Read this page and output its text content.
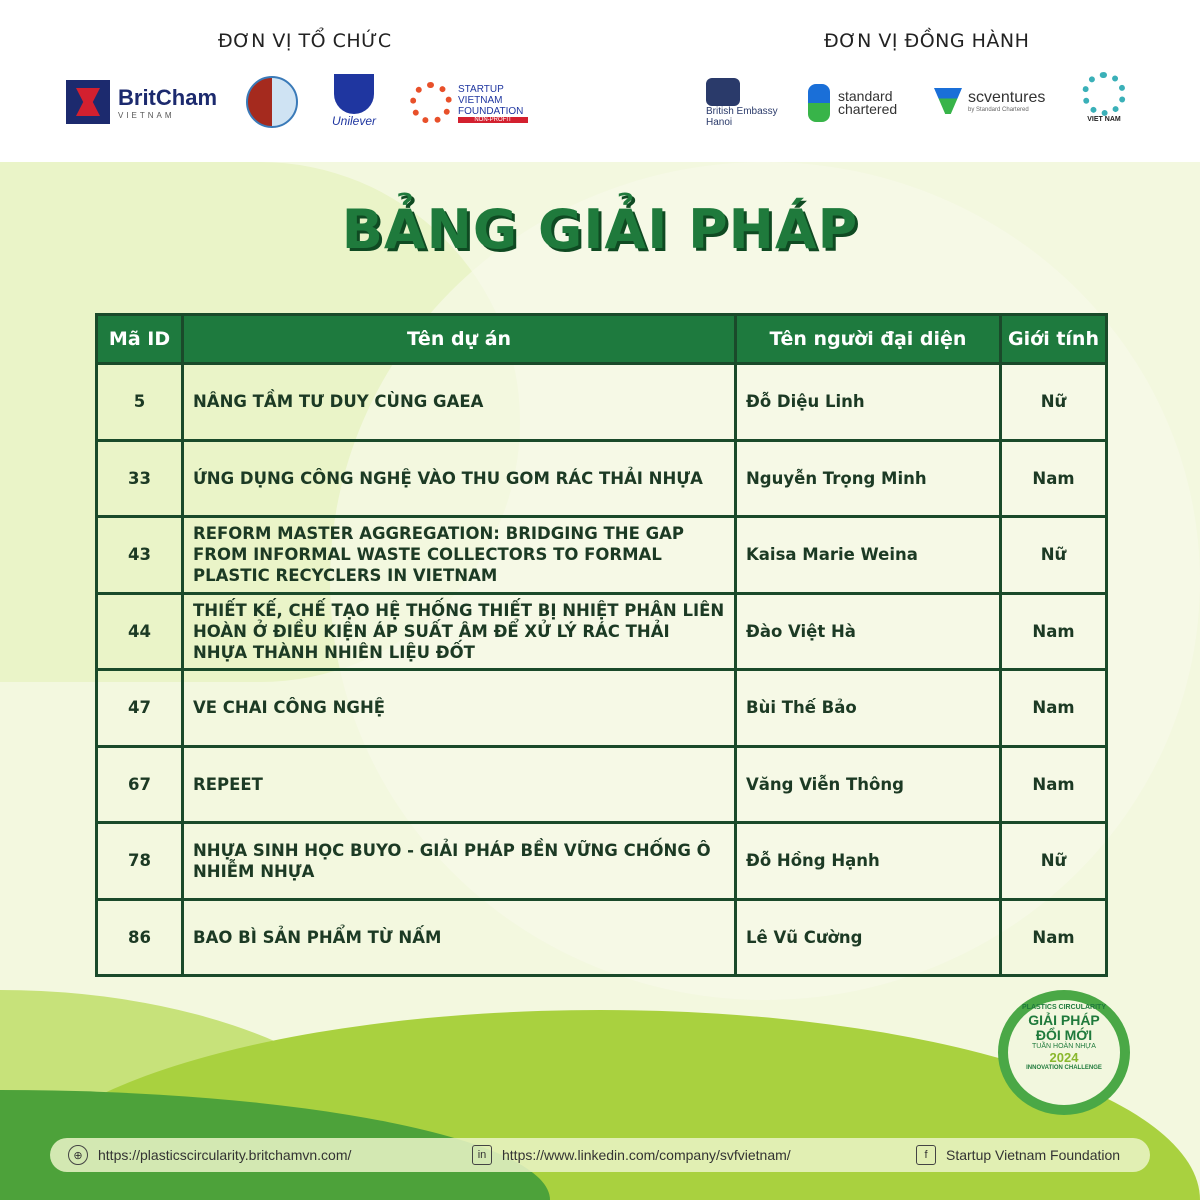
ĐƠN VỊ TỔ CHỨC	ĐƠN VỊ ĐỒNG HÀNH
BritCham
VIETNAM	Unilever
STARTUP VIETNAM FOUNDATION
NON-PROFIT
British Embassy Hanoi
standard chartered
scventures
by Standard Chartered
VIET NAM
BẢNG GIẢI PHÁP
Mã ID	Tên dự án	Tên người đại diện	Giới tính
5	NÂNG TẦM TƯ DUY CÙNG GAEA	Đỗ Diệu Linh	Nữ
33	ỨNG DỤNG CÔNG NGHỆ VÀO THU GOM RÁC THẢI NHỰA	Nguyễn Trọng Minh	Nam
43	REFORM MASTER AGGREGATION: BRIDGING THE GAP FROM INFORMAL WASTE COLLECTORS TO FORMAL PLASTIC RECYCLERS IN VIETNAM	Kaisa Marie Weina	Nữ
44	THIẾT KẾ, CHẾ TẠO HỆ THỐNG THIẾT BỊ NHIỆT PHÂN LIÊN HOÀN Ở ĐIỀU KIỆN ÁP SUẤT ÂM ĐỂ XỬ LÝ RÁC THẢI NHỰA THÀNH NHIÊN LIỆU ĐỐT	Đào Việt Hà	Nam
47	VE CHAI CÔNG NGHỆ	Bùi Thế Bảo	Nam
67	REPEET	Văng Viễn Thông	Nam
78	NHỰA SINH HỌC BUYO - GIẢI PHÁP BỀN VỮNG CHỐNG Ô NHIỄM NHỰA	Đỗ Hồng Hạnh	Nữ
86	BAO BÌ SẢN PHẨM TỪ NẤM	Lê Vũ Cường	Nam
PLASTICS CIRCULARITY
GIẢI PHÁP
ĐỔI MỚI
TUẦN HOÀN NHỰA
2024
INNOVATION CHALLENGE
⊕	https://plasticscircularity.britchamvn.com/	in	https://www.linkedin.com/company/svfvietnam/	f	Startup Vietnam Foundation
